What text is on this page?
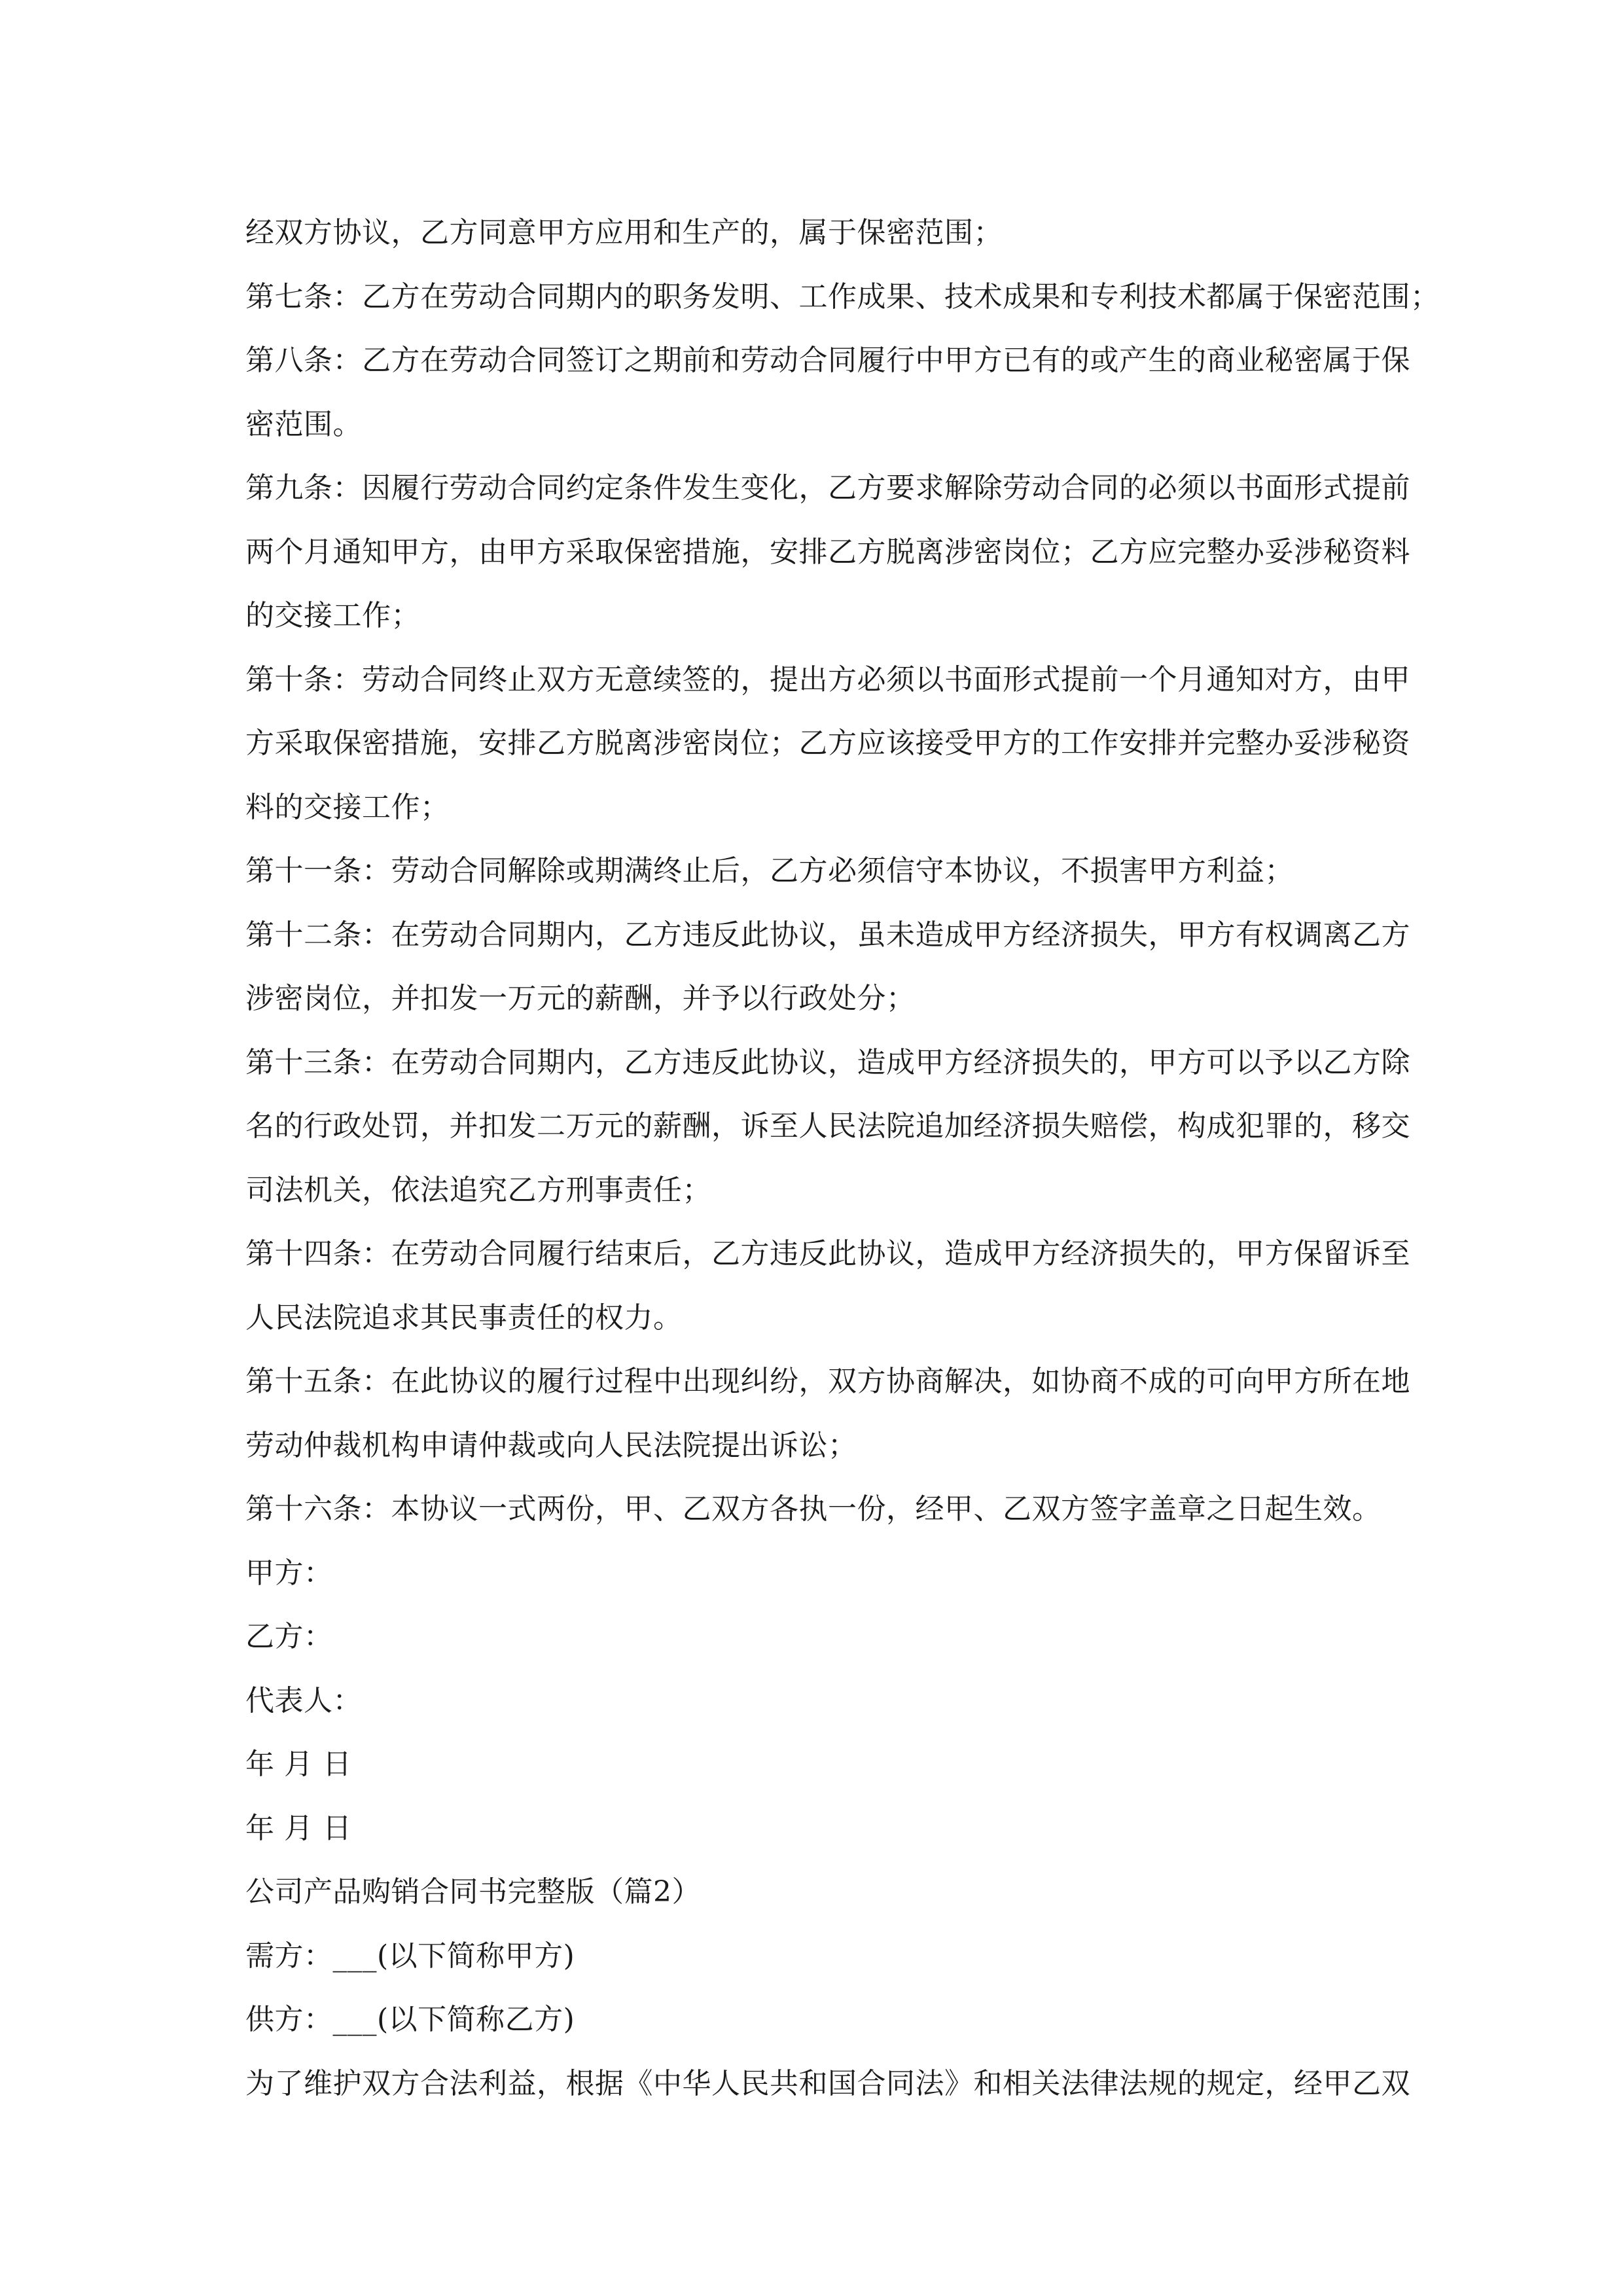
经双方协议，乙方同意甲方应用和生产的，属于保密范围；
第七条：乙方在劳动合同期内的职务发明、工作成果、技术成果和专利技术都属于保密范围；
第八条：乙方在劳动合同签订之期前和劳动合同履行中甲方已有的或产生的商业秘密属于保
密范围。
第九条：因履行劳动合同约定条件发生变化，乙方要求解除劳动合同的必须以书面形式提前
两个月通知甲方，由甲方采取保密措施，安排乙方脱离涉密岗位；乙方应完整办妥涉秘资料
的交接工作；
第十条：劳动合同终止双方无意续签的，提出方必须以书面形式提前一个月通知对方，由甲
方采取保密措施，安排乙方脱离涉密岗位；乙方应该接受甲方的工作安排并完整办妥涉秘资
料的交接工作；
第十一条：劳动合同解除或期满终止后，乙方必须信守本协议，不损害甲方利益；
第十二条：在劳动合同期内，乙方违反此协议，虽未造成甲方经济损失，甲方有权调离乙方
涉密岗位，并扣发一万元的薪酬，并予以行政处分；
第十三条：在劳动合同期内，乙方违反此协议，造成甲方经济损失的，甲方可以予以乙方除
名的行政处罚，并扣发二万元的薪酬，诉至人民法院追加经济损失赔偿，构成犯罪的，移交
司法机关，依法追究乙方刑事责任；
第十四条：在劳动合同履行结束后，乙方违反此协议，造成甲方经济损失的，甲方保留诉至
人民法院追求其民事责任的权力。
第十五条：在此协议的履行过程中出现纠纷，双方协商解决，如协商不成的可向甲方所在地
劳动仲裁机构申请仲裁或向人民法院提出诉讼；
第十六条：本协议一式两份，甲、乙双方各执一份，经甲、乙双方签字盖章之日起生效。
甲方：
乙方：
代表人：
年 月 日
年 月 日
公司产品购销合同书完整版（篇2）
需方：___(以下简称甲方)
供方：___(以下简称乙方)
为了维护双方合法利益，根据《中华人民共和国合同法》和相关法律法规的规定，经甲乙双
